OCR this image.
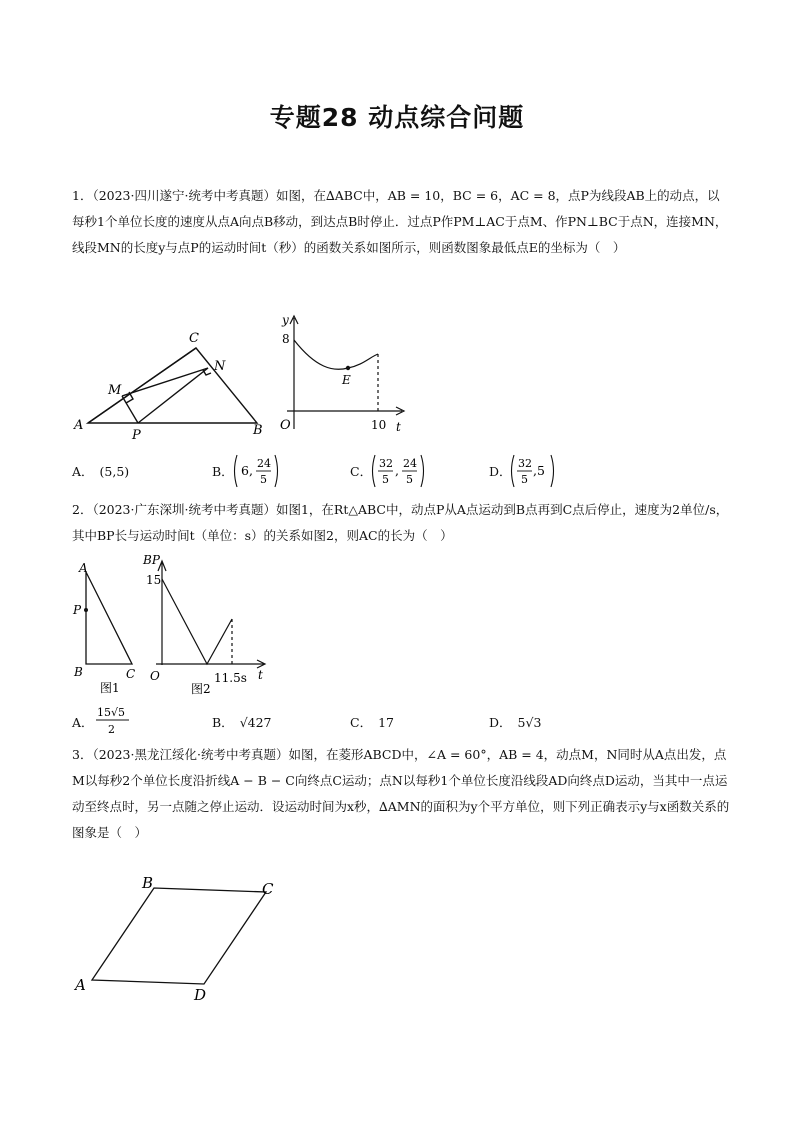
专题28 动点综合问题
1．（2023·四川遂宁·统考中考真题）如图，在∆ABC中，AB = 10，BC = 6，AC = 8，点P为线段AB上的动点，以每秒1个单位长度的速度从点A向点B移动，到达点B时停止．过点P作PM⊥AC于点M、作PN⊥BC于点N，连接MN，线段MN的长度y与点P的运动时间t（秒）的函数关系如图所示，则函数图象最低点E的坐标为（　）
A	B
C
M
N
P
y
8
O	10 t
E
A． (5,5)	B． 6, 24
5
C．
32
5
, 24
5
D．
32
5
,5
2．（2023·广东深圳·统考中考真题）如图1，在Rt△ABC中，动点P从A点运动到B点再到C点后停止，速度为2单位/s，其中BP长与运动时间t（单位：s）的关系如图2，则AC的长为（　）
A
P
B	C
图1
BP
15
O	11.5s t
图2
A．
15√5
2	B． √427	C． 17	D． 5√3
3．（2023·黑龙江绥化·统考中考真题）如图，在菱形ABCD中，∠A = 60°，AB = 4，动点M，N同时从A点出发，点M以每秒2个单位长度沿折线A − B − C向终点C运动；点N以每秒1个单位长度沿线段AD向终点D运动，当其中一点运动至终点时，另一点随之停止运动．设运动时间为x秒，∆AMN的面积为y个平方单位，则下列正确表示y与x函数关系的图象是（　）
A
B	C
D
